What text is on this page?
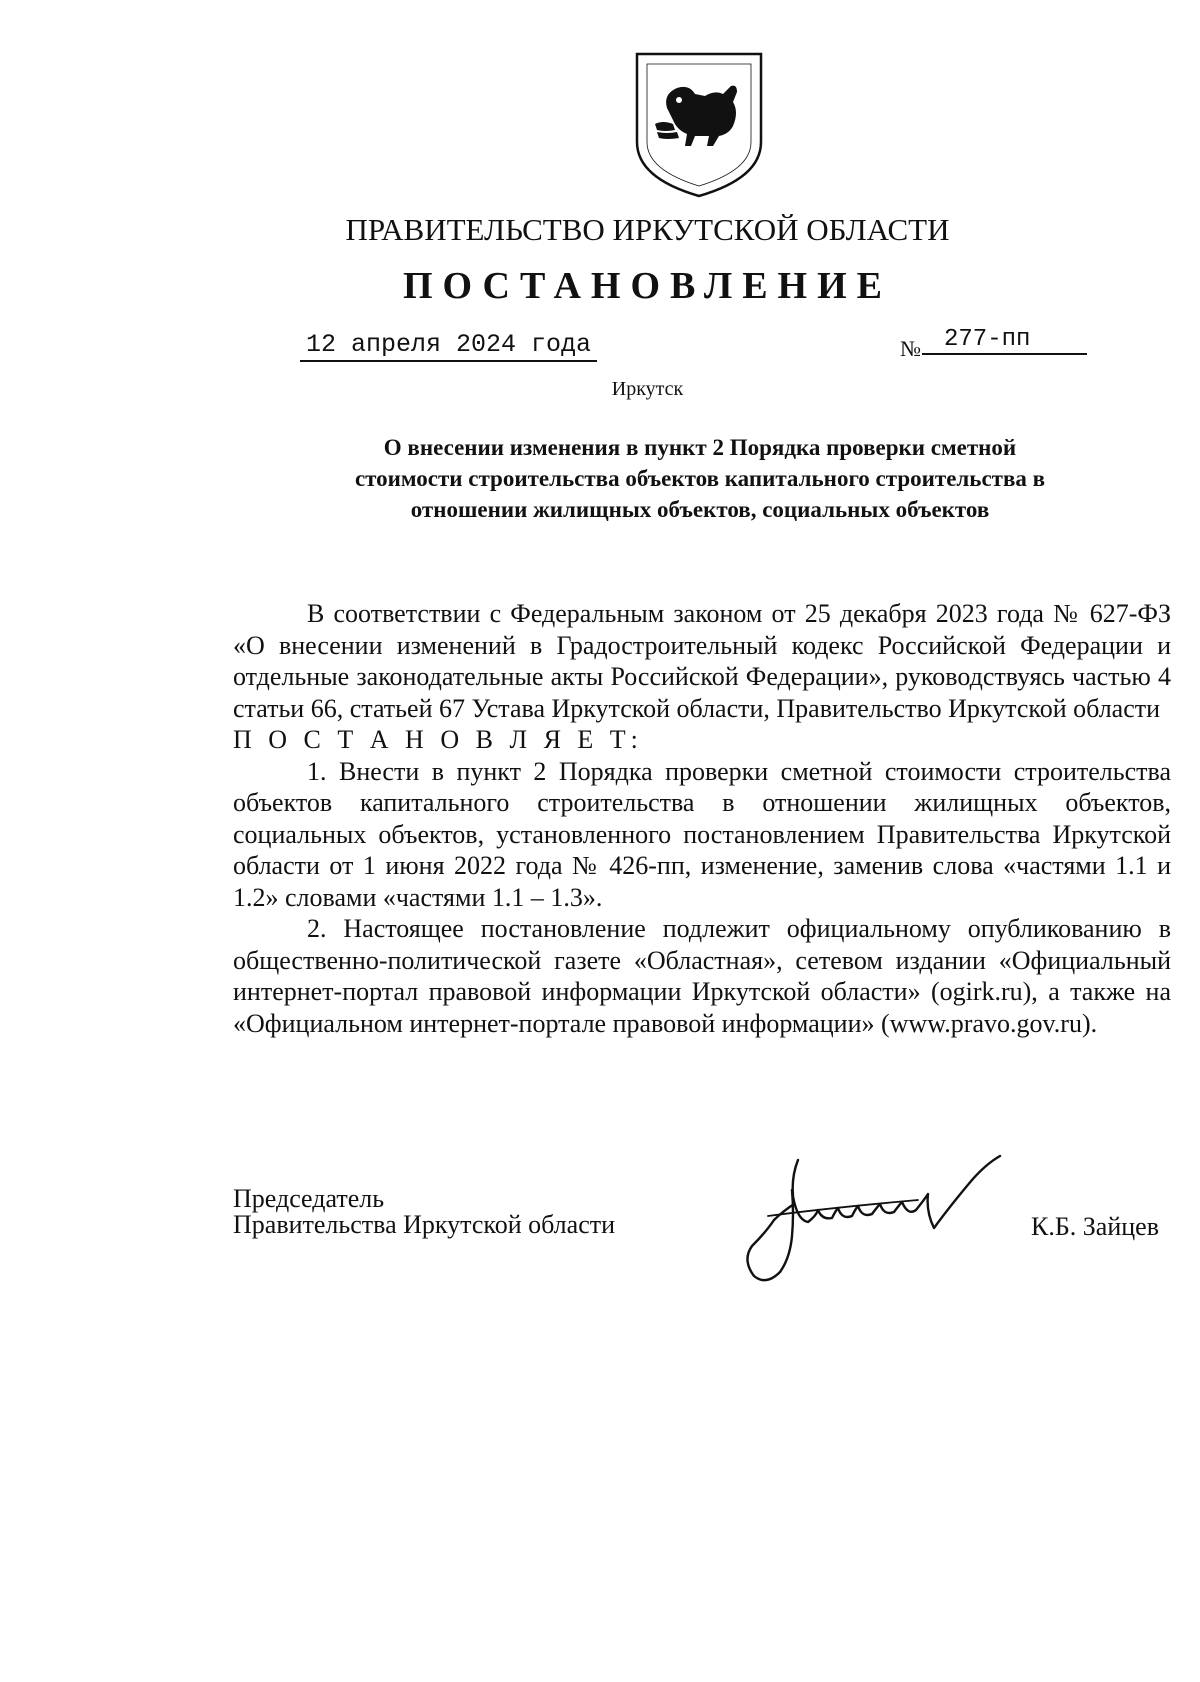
ПРАВИТЕЛЬСТВО ИРКУТСКОЙ ОБЛАСТИ
ПОСТАНОВЛЕНИЕ
12 апреля 2024 года	№ 277-пп
Иркутск
О внесении изменения в пункт 2 Порядка проверки сметной
стоимости строительства объектов капитального строительства в
отношении жилищных объектов, социальных объектов

В соответствии с Федеральным законом от 25 декабря 2023 года № 627-ФЗ «О внесении изменений в Градостроительный кодекс Российской Федерации и отдельные законодательные акты Российской Федерации», руководствуясь частью 4 статьи 66, статьей 67 Устава Иркутской области, Правительство Иркутской области

П О С Т А Н О В Л Я Е Т:

1. Внести в пункт 2 Порядка проверки сметной стоимости строительства объектов капитального строительства в отношении жилищных объектов, социальных объектов, установленного постановлением Правительства Иркутской области от 1 июня 2022 года № 426-пп, изменение, заменив слова «частями 1.1 и 1.2» словами «частями 1.1 – 1.3».

2. Настоящее постановление подлежит официальному опубликованию в общественно-политической газете «Областная», сетевом издании «Официальный интернет-портал правовой информации Иркутской области» (ogirk.ru), а также на «Официальном интернет-портале правовой информации» (www.pravo.gov.ru).

Председатель
Правительства Иркутской области	К.Б. Зайцев
